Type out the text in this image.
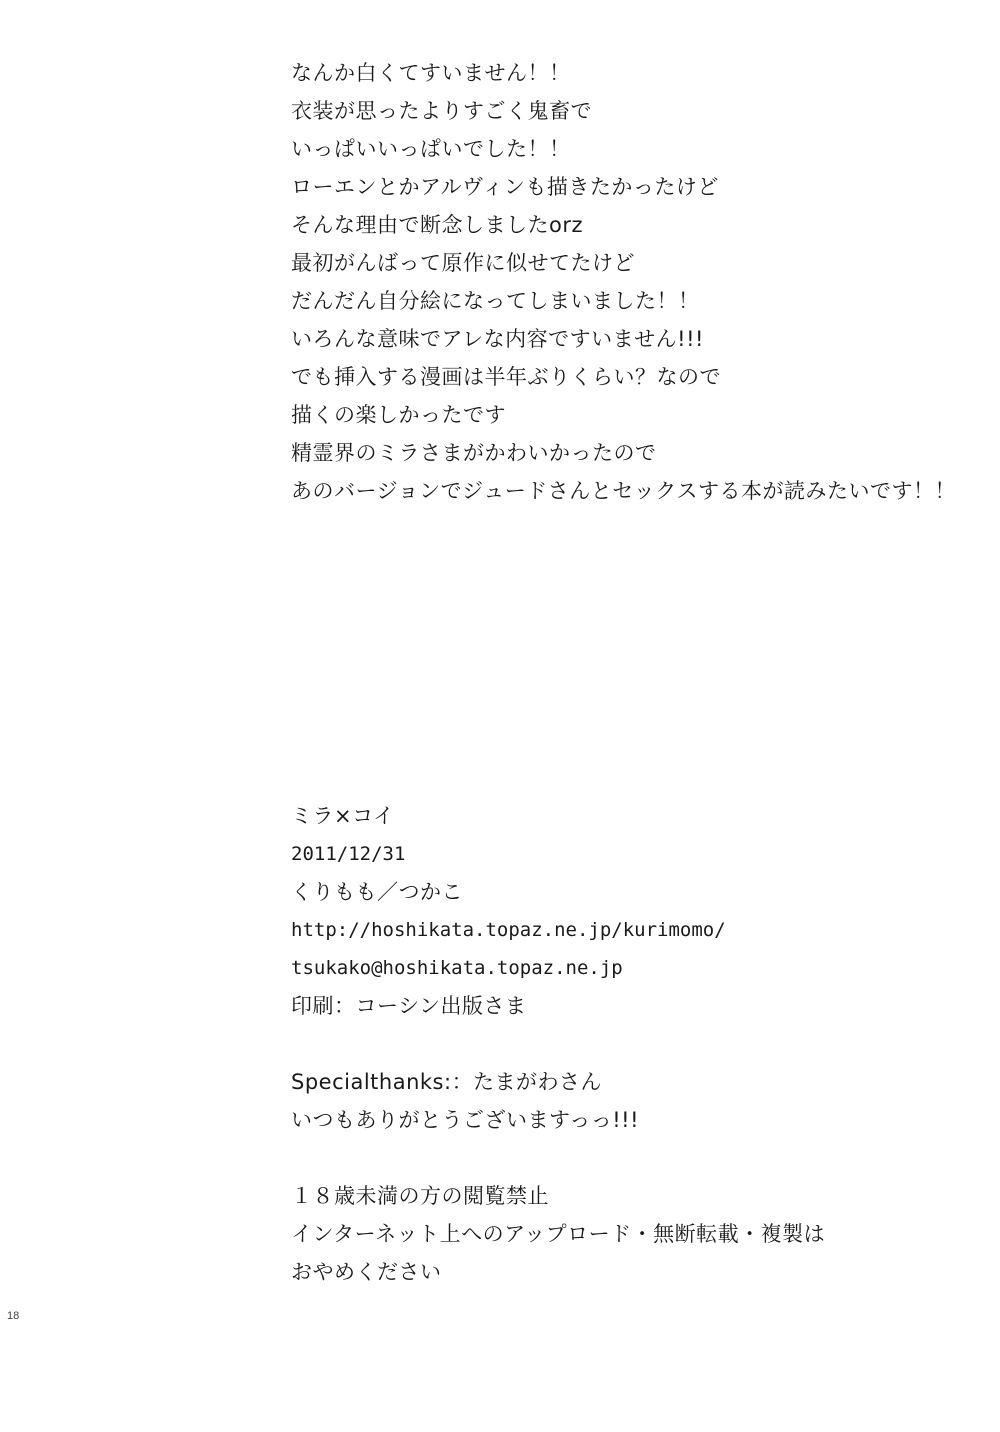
なんか白くてすいません！！
衣装が思ったよりすごく鬼畜で
いっぱいいっぱいでした！！
ローエンとかアルヴィンも描きたかったけど
そんな理由で断念しましたorz
最初がんばって原作に似せてたけど
だんだん自分絵になってしまいました！！
いろんな意味でアレな内容ですいません!!!
でも挿入する漫画は半年ぶりくらい？なので
描くの楽しかったです
精霊界のミラさまがかわいかったので
あのバージョンでジュードさんとセックスする本が読みたいです！！
ミラ×コイ
2011/12/31
くりもも／つかこ
http://hoshikata.topaz.ne.jp/kurimomo/
tsukako@hoshikata.topaz.ne.jp
印刷：コーシン出版さま
Specialthanks:：たまがわさん
いつもありがとうございますっっ!!!
１８歳未満の方の閲覧禁止
インターネット上へのアップロード・無断転載・複製は
おやめください
18
